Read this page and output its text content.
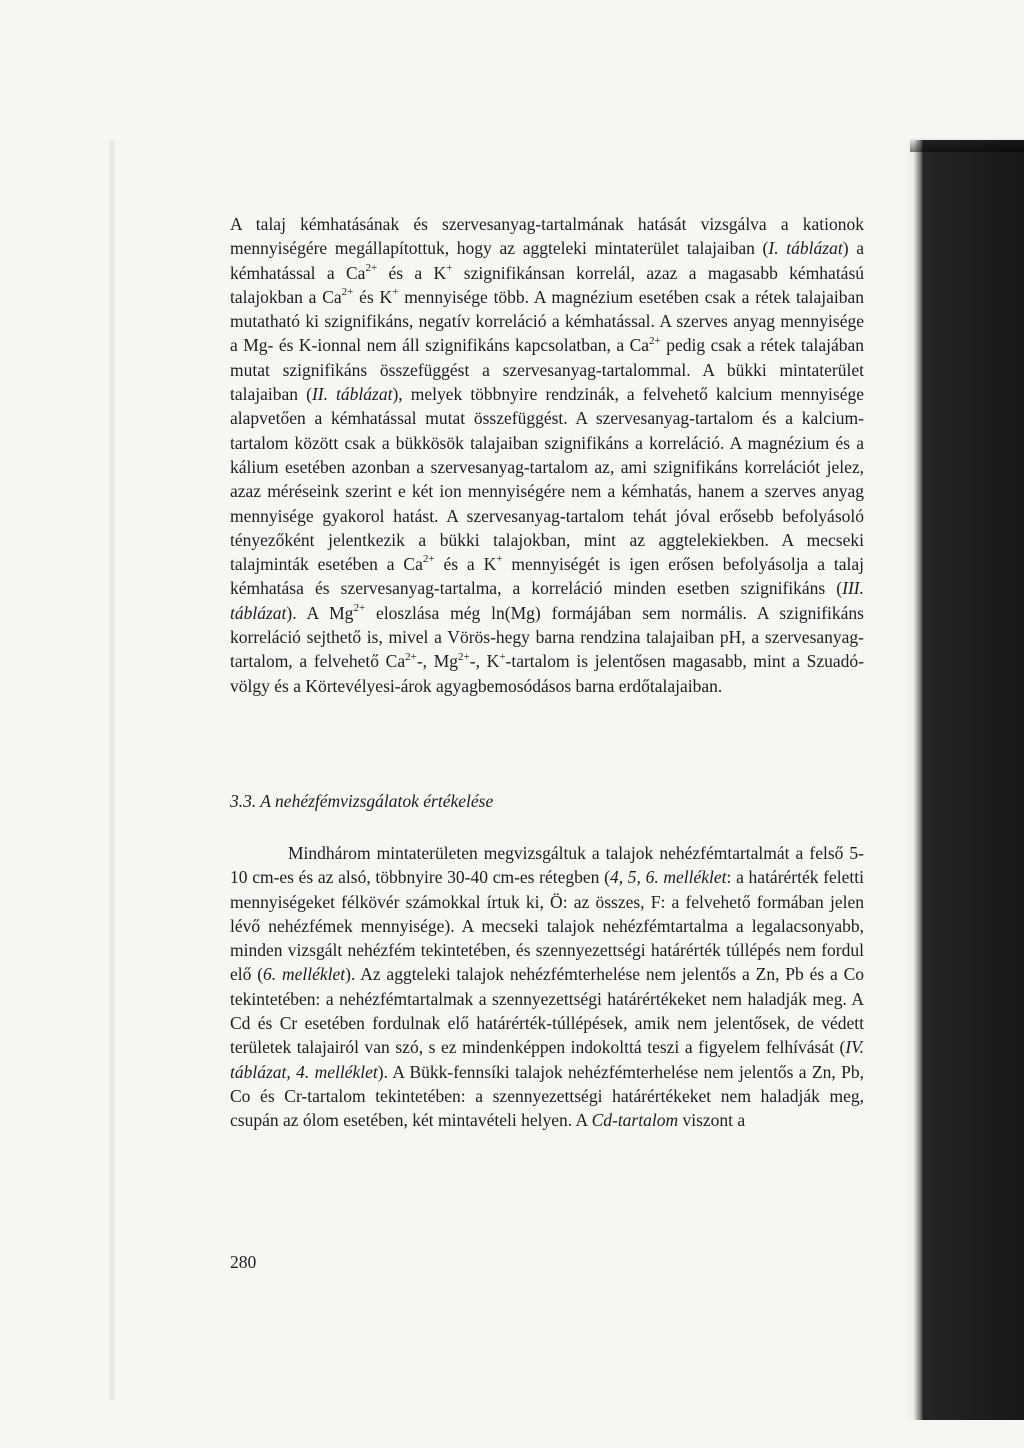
A talaj kémhatásának és szervesanyag-tartalmának hatását vizsgálva a kationok mennyiségére megállapítottuk, hogy az aggteleki mintaterület talajaiban (I. táblázat) a kémhatással a $Ca^{2+}$ és a K+ szignifikánsan korrelál, azaz a magasabb kémhatású talajokban a $Ca^{2+}$ és K+ mennyisége több. A magnézium esetében csak a rétek talajaiban mutatható ki szignifikáns, negatív korreláció a kémhatással. A szerves anyag mennyisége a Mg- és K-ionnal nem áll szignifikáns kapcsolatban, a $Ca^{2+}$ pedig csak a rétek talajában mutat szignifikáns összefüggést a szervesanyag-tartalommal. A bükki mintaterület talajaiban (II. táblázat), melyek többnyire rendzinák, a felvehető kalcium mennyisége alapvetően a kémhatással mutat összefüggést. A szervesanyag-tartalom és a kalcium-tartalom között csak a bükkösök talajaiban szignifikáns a korreláció. A magnézium és a kálium esetében azonban a szervesanyag-tartalom az, ami szignifikáns korrelációt jelez, azaz méréseink szerint e két ion mennyiségére nem a kémhatás, hanem a szerves anyag mennyisége gyakorol hatást. A szervesanyag-tartalom tehát jóval erősebb befolyásoló tényezőként jelentkezik a bükki talajokban, mint az aggtelekiekben. A mecseki talajminták esetében a $Ca^{2+}$ és a K+ mennyiségét is igen erősen befolyásolja a talaj kémhatása és szervesanyag-tartalma, a korreláció minden esetben szignifikáns (III. táblázat). A $Mg^{2+}$ eloszlása még ln(Mg) formájában sem normális. A szignifikáns korreláció sejthető is, mivel a Vörös-hegy barna rendzina talajaiban pH, a szervesanyag-tartalom, a felvehető $Ca^{2+}-$, $Mg^{2+}-$, K+-tartalom is jelentősen magasabb, mint a Szuadó-völgy és a Körtevélyesi-árok agyagbemosódásos barna erdőtalajaiban.
3.3. A nehézfémvizsgálatok értékelése
Mindhárom mintaterületen megvizsgáltuk a talajok nehézfémtartalmát a felső 5-10 cm-es és az alsó, többnyire 30-40 cm-es rétegben (4, 5, 6. melléklet: a határérték feletti mennyiségeket félkövér számokkal írtuk ki, Ö: az összes, F: a felvehető formában jelen lévő nehézfémek mennyisége). A mecseki talajok nehézfémtartalma a legalacsonyabb, minden vizsgált nehézfém tekintetében, és szennyezettségi határérték túllépés nem fordul elő (6. melléklet). Az aggteleki talajok nehézfémterhelése nem jelentős a Zn, Pb és a Co tekintetében: a nehézfémtartalmak a szennyezettségi határértékeket nem haladják meg. A Cd és Cr esetében fordulnak elő határérték-túllépések, amik nem jelentősek, de védett területek talajairól van szó, s ez mindenképpen indokolttá teszi a figyelem felhívását (IV. táblázat, 4. melléklet). A Bükk-fennsíki talajok nehézfémterhelése nem jelentős a Zn, Pb, Co és Cr-tartalom tekintetében: a szennyezettségi határértékeket nem haladják meg, csupán az ólom esetében, két mintavételi helyen. A Cd-tartalom viszont a
280
